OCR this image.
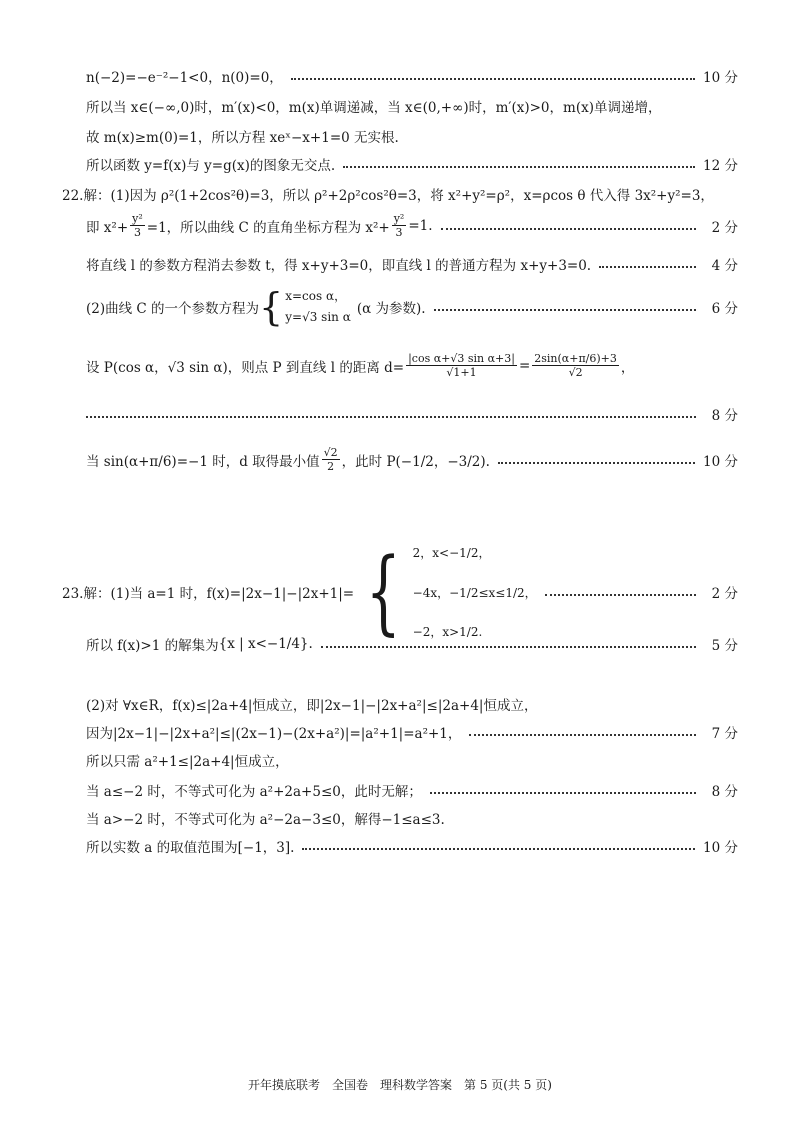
n(−2)=−e⁻²−1<0，n(0)=0，	10 分
所以当 x∈(−∞,0)时，m′(x)<0，m(x)单调递减，当 x∈(0,+∞)时，m′(x)>0，m(x)单调递增，
故 m(x)≥m(0)=1，所以方程 xeˣ−x+1=0 无实根.
所以函数 y=f(x)与 y=g(x)的图象无交点.	12 分
22.解：(1)因为 ρ²(1+2cos²θ)=3，所以 ρ²+2ρ²cos²θ=3，将 x²+y²=ρ²，x=ρcos θ 代入得 3x²+y²=3，
即 $x^2+ \frac{\text{y²}}{3} =1$，所以曲线 C 的直角坐标方程为 $x^2+ \frac{\text{y²}}{3} =1$.	2 分
将直线 l 的参数方程消去参数 t，得 x+y+3=0，即直线 l 的普通方程为 x+y+3=0.	4 分
(2)曲线 C 的一个参数方程为 { x=cos α，
y=√3 sin α (α 为参数).	6 分
设 P(cos α，√3 sin α)，则点 P 到直线 l 的距离 $d= \frac{\text{|cos α+√3 sin α+3|}}{√1+1} = \frac{2\sin(\alpha+\pi/6)+3}{√2}$ ，
8 分
当 sin(α+π/6)=−1 时，d 取得最小值 $\frac{√2}{2}$ ，此时 P(−1/2，−3/2).	10 分
23.解：(1)当 a=1 时，f(x)=|2x−1|−|2x+1|= { 2，x<−1/2，
−4x，−1/2≤x≤1/2，
−2，x>1/2.
2 分
所以 f(x)>1 的解集为 {x | x<−1/4}.	5 分
(2)对 ∀x∈R，f(x)≤|2a+4|恒成立，即|2x−1|−|2x+a²|≤|2a+4|恒成立，
因为|2x−1|−|2x+a²|≤|(2x−1)−(2x+a²)|=|a²+1|=a²+1，	7 分
所以只需 a²+1≤|2a+4|恒成立，
当 a≤−2 时，不等式可化为 a²+2a+5≤0，此时无解；	8 分
当 a>−2 时，不等式可化为 a²−2a−3≤0，解得−1≤a≤3.
所以实数 a 的取值范围为[−1，3].	10 分
开年摸底联考　全国卷　理科数学答案　第 5 页(共 5 页)
